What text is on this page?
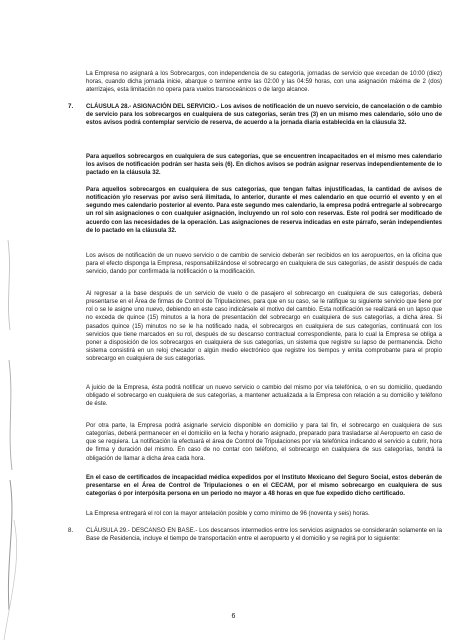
La Empresa no asignará a los Sobrecargos, con independencia de su categoría, jornadas de servicio que excedan de 10:00 (diez) horas, cuando dicha jornada inicie, abarque o termine entre las 02:00 y las 04:59 horas, con una asignación máxima de 2 (dos) aterrizajes, esta limitación no opera para vuelos transoceánicos o de largo alcance.

7. CLÁUSULA 28.- ASIGNACIÓN DEL SERVICIO.- Los avisos de notificación de un nuevo servicio, de cancelación o de cambio de servicio para los sobrecargos en cualquiera de sus categorías, serán tres (3) en un mismo mes calendario, sólo uno de estos avisos podrá contemplar servicio de reserva, de acuerdo a la jornada diaria establecida en la cláusula 32.

Para aquellos sobrecargos en cualquiera de sus categorías, que se encuentren incapacitados en el mismo mes calendario los avisos de notificación podrán ser hasta seis (6). En dichos avisos se podrán asignar reservas independientemente de lo pactado en la cláusula 32.

Para aquellos sobrecargos en cualquiera de sus categorías, que tengan faltas injustificadas, la cantidad de avisos de notificación y/o reservas por aviso será ilimitada, lo anterior, durante el mes calendario en que ocurrió el evento y en el segundo mes calendario posterior al evento. Para este segundo mes calendario, la empresa podrá entregarle al sobrecargo un rol sin asignaciones o con cualquier asignación, incluyendo un rol solo con reservas. Este rol podrá ser modificado de acuerdo con las necesidades de la operación. Las asignaciones de reserva indicadas en este párrafo, serán independientes de lo pactado en la cláusula 32.

Los avisos de notificación de un nuevo servicio o de cambio de servicio deberán ser recibidos en los aeropuertos, en la oficina que para el efecto disponga la Empresa, responsabilizándose el sobrecargo en cualquiera de sus categorías, de asistir después de cada servicio, dando por confirmada la notificación o la modificación.

Al regresar a la base después de un servicio de vuelo o de pasajero el sobrecargo en cualquiera de sus categorías, deberá presentarse en el Área de firmas de Control de Tripulaciones, para que en su caso, se le ratifique su siguiente servicio que tiene por rol o se le asigne uno nuevo, debiendo en este caso indicársele el motivo del cambio. Esta notificación se realizará en un lapso que no exceda de quince (15) minutos a la hora de presentación del sobrecargo en cualquiera de sus categorías, a dicha área. Si pasados quince (15) minutos no se le ha notificado nada, el sobrecargos en cualquiera de sus categorías, continuará con los servicios que tiene marcados en su rol, después de su descanso contractual correspondiente, para lo cual la Empresa se obliga a poner a disposición de los sobrecargos en cualquiera de sus categorías, un sistema que registre su lapso de permanencia. Dicho sistema consistirá en un reloj checador o algún medio electrónico que registre los tiempos y emita comprobante para el propio sobrecargo en cualquiera de sus categorías.

A juicio de la Empresa, ésta podrá notificar un nuevo servicio o cambio del mismo por vía telefónica, o en su domicilio, quedando obligado el sobrecargo en cualquiera de sus categorías, a mantener actualizada a la Empresa con relación a su domicilio y teléfono de éste.

Por otra parte, la Empresa podrá asignarle servicio disponible en domicilio y para tal fin, el sobrecargo en cualquiera de sus categorías, deberá permanecer en el domicilio en la fecha y horario asignado, preparado para trasladarse al Aeropuerto en caso de que se requiera. La notificación la efectuará el área de Control de Tripulaciones por vía telefónica indicando el servicio a cubrir, hora de firma y duración del mismo. En caso de no contar con teléfono, el sobrecargo en cualquiera de sus categorías, tendrá la obligación de llamar a dicha área cada hora.

En el caso de certificados de incapacidad médica expedidos por el Instituto Mexicano del Seguro Social, estos deberán de presentarse en el Área de Control de Tripulaciones o en el CECAM, por el mismo sobrecargo en cualquiera de sus categorías ó por interpósita persona en un periodo no mayor a 48 horas en que fue expedido dicho certificado.

La Empresa entregará el rol con la mayor antelación posible y como mínimo de 96 (noventa y seis) horas.

8. CLÁUSULA 29.- DESCANSO EN BASE.- Los descansos intermedios entre los servicios asignados se considerarán solamente en la Base de Residencia, incluye el tiempo de transportación entre el aeropuerto y el domicilio y se regirá por lo siguiente:

6
